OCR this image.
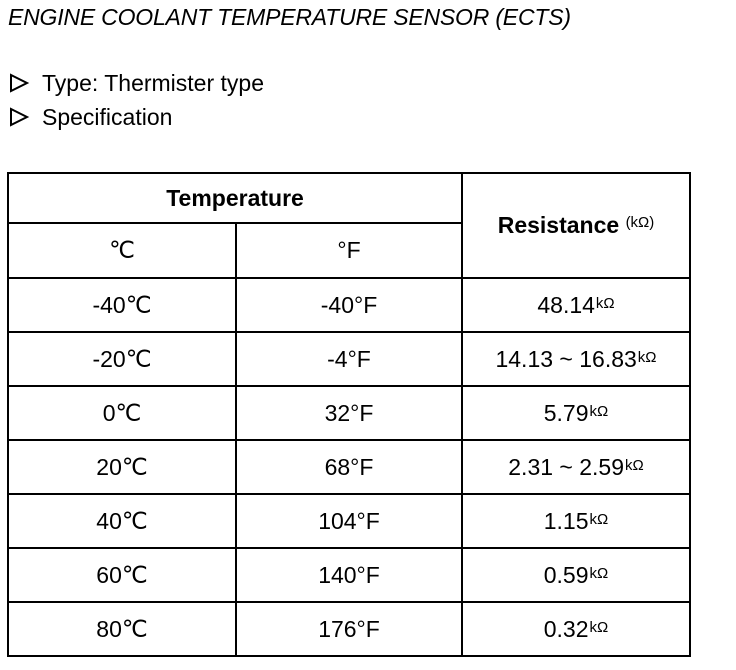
ENGINE COOLANT TEMPERATURE SENSOR (ECTS)
Type: Thermister type
Specification
Temperature		Resistance $^{(k\Omega)}$
℃	°F	
-40℃	-40°F	$48.14^{k\Omega}$
-20℃	-4°F	14.13 ~ $16.83^{k\Omega}$
0℃	32°F	$5.79^{k\Omega}$
20℃	68°F	2.31 ~ $2.59^{k\Omega}$
40℃	104°F	$1.15^{k\Omega}$
60℃	140°F	$0.59^{k\Omega}$
80℃	176°F	$0.32^{k\Omega}$
